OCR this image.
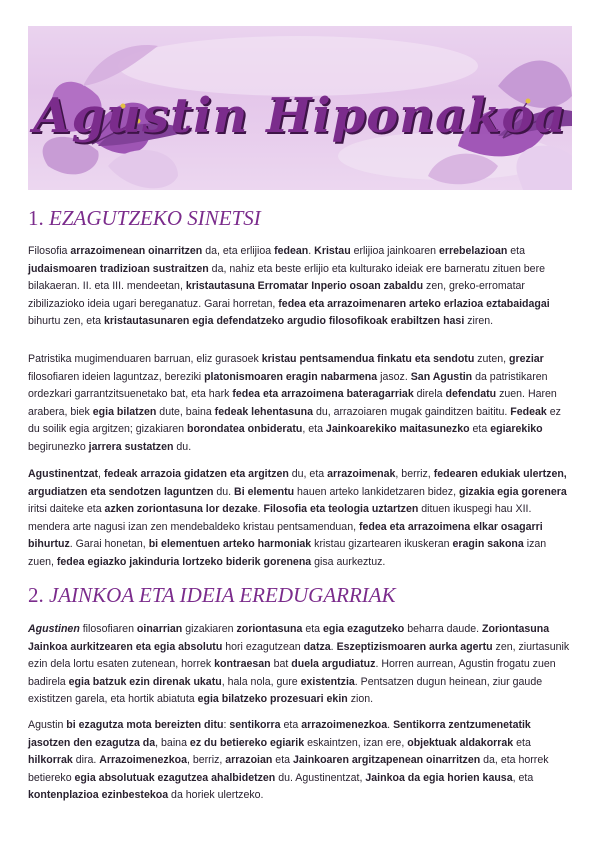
Agustin Hiponakoa
1. EZAGUTZEKO SINETSI
Filosofia arrazoimenean oinarritzen da, eta erlijioa fedean. Kristau erlijioa jainkoaren errebelazioan eta judaismoaren tradizioan sustraitzen da, nahiz eta beste erlijio eta kulturako ideiak ere barneratu zituen bere bilakaeran. II. eta III. mendeetan, kristautasuna Erromatar Inperio osoan zabaldu zen, greko-erromatar zibilizazioko ideia ugari bereganatuz. Garai horretan, fedea eta arrazoimenaren arteko erlazioa eztabaidagai bihurtu zen, eta kristautasunaren egia defendatzeko argudio filosofikoak erabiltzen hasi ziren.
Patristika mugimenduaren barruan, eliz gurasoek kristau pentsamendua finkatu eta sendotu zuten, greziar filosofiaren ideien laguntzaz, bereziki platonismoaren eragin nabarmena jasoz. San Agustin da patristikaren ordezkari garrantzitsuenetako bat, eta hark fedea eta arrazoimena bateragarriak direla defendatu zuen. Haren arabera, biek egia bilatzen dute, baina fedeak lehentasuna du, arrazoiaren mugak gainditzen baititu. Fedeak ez du soilik egia argitzen; gizakiaren borondatea onbideratu, eta Jainkoarekiko maitasunezko eta egiarekiko begirunezko jarrera sustatzen du.
Agustinentzat, fedeak arrazoia gidatzen eta argitzen du, eta arrazoimenak, berriz, fedearen edukiak ulertzen, argudiatzen eta sendotzen laguntzen du. Bi elementu hauen arteko lankidetzaren bidez, gizakia egia gorenera iritsi daiteke eta azken zoriontasuna lor dezake. Filosofia eta teologia uztartzen dituen ikuspegi hau XII. mendera arte nagusi izan zen mendebaldeko kristau pentsamenduan, fedea eta arrazoimena elkar osagarri bihurtuz. Garai honetan, bi elementuen arteko harmoniak kristau gizartearen ikuskeran eragin sakona izan zuen, fedea egiazko jakinduria lortzeko biderik gorenena gisa aurkeztuz.
2. JAINKOA ETA IDEIA EREDUGARRIAK
Agustinen filosofiaren oinarrian gizakiaren zoriontasuna eta egia ezagutzeko beharra daude. Zoriontasuna Jainkoa aurkitzearen eta egia absolutu hori ezagutzean datza. Eszeptizismoaren aurka agertu zen, ziurtasunik ezin dela lortu esaten zutenean, horrek kontraesan bat duela argudiatuz. Horren aurrean, Agustin frogatu zuen badirela egia batzuk ezin direnak ukatu, hala nola, gure existentzia. Pentsatzen dugun heinean, ziur gaude existitzen garela, eta hortik abiatuta egia bilatzeko prozesuari ekin zion.
Agustin bi ezagutza mota bereizten ditu: sentikorra eta arrazoimenezkoa. Sentikorra zentzumenetatik jasotzen den ezagutza da, baina ez du betiereko egiarik eskaintzen, izan ere, objektuak aldakorrak eta hilkorrak dira. Arrazoimenezkoa, berriz, arrazoian eta Jainkoaren argitzapenean oinarritzen da, eta horrek betiereko egia absolutuak ezagutzea ahalbidetzen du. Agustinentzat, Jainkoa da egia horien kausa, eta kontenplazioa ezinbestekoa da horiek ulertzeko.
